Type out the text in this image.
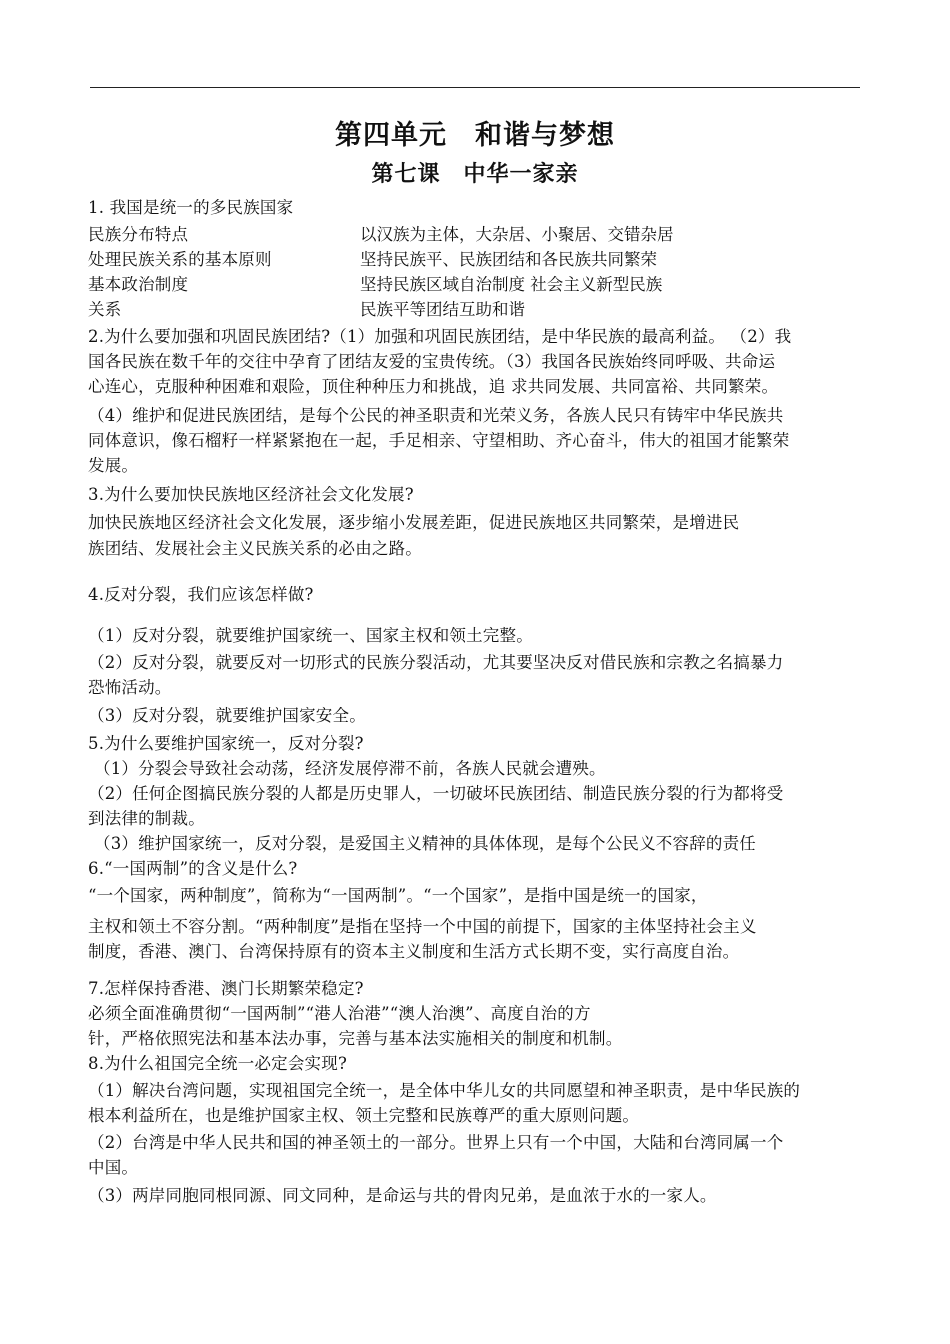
第四单元　和谐与梦想
第七课　中华一家亲
1. 我国是统一的多民族国家
民族分布特点	以汉族为主体，大杂居、小聚居、交错杂居
处理民族关系的基本原则	坚持民族平、民族团结和各民族共同繁荣
基本政治制度	坚持民族区域自治制度 社会主义新型民族
关系	民族平等团结互助和谐
2.为什么要加强和巩固民族团结?（1）加强和巩固民族团结，是中华民族的最高利益。 （2）我
国各民族在数千年的交往中孕育了团结友爱的宝贵传统。（3）我国各民族始终同呼吸、共命运
心连心，克服种种困难和艰险，顶住种种压力和挑战，追 求共同发展、共同富裕、共同繁荣。
（4）维护和促进民族团结，是每个公民的神圣职责和光荣义务，各族人民只有铸牢中华民族共
同体意识，像石榴籽一样紧紧抱在一起，手足相亲、守望相助、齐心奋斗，伟大的祖国才能繁荣
发展。
3.为什么要加快民族地区经济社会文化发展?
加快民族地区经济社会文化发展，逐步缩小发展差距，促进民族地区共同繁荣，是增进民
族团结、发展社会主义民族关系的必由之路。
4.反对分裂，我们应该怎样做?
（1）反对分裂，就要维护国家统一、国家主权和领土完整。
（2）反对分裂，就要反对一切形式的民族分裂活动，尤其要坚决反对借民族和宗教之名搞暴力
恐怖活动。
（3）反对分裂，就要维护国家安全。
5.为什么要维护国家统一，反对分裂?
（1）分裂会导致社会动荡，经济发展停滞不前，各族人民就会遭殃。
（2）任何企图搞民族分裂的人都是历史罪人，一切破坏民族团结、制造民族分裂的行为都将受
到法律的制裁。
（3）维护国家统一，反对分裂，是爱国主义精神的具体体现，是每个公民义不容辞的责任
6.“一国两制”的含义是什么?
“一个国家，两种制度”，简称为“一国两制”。“一个国家”，是指中国是统一的国家，
主权和领土不容分割。“两种制度”是指在坚持一个中国的前提下，国家的主体坚持社会主义
制度，香港、澳门、台湾保持原有的资本主义制度和生活方式长期不变，实行高度自治。
7.怎样保持香港、澳门长期繁荣稳定?
必须全面准确贯彻“一国两制”“港人治港”“澳人治澳”、高度自治的方
针，严格依照宪法和基本法办事，完善与基本法实施相关的制度和机制。
8.为什么祖国完全统一必定会实现?
（1）解决台湾问题，实现祖国完全统一，是全体中华儿女的共同愿望和神圣职责，是中华民族的
根本利益所在，也是维护国家主权、领土完整和民族尊严的重大原则问题。
（2）台湾是中华人民共和国的神圣领土的一部分。世界上只有一个中国，大陆和台湾同属一个
中国。
（3）两岸同胞同根同源、同文同种，是命运与共的骨肉兄弟，是血浓于水的一家人。
